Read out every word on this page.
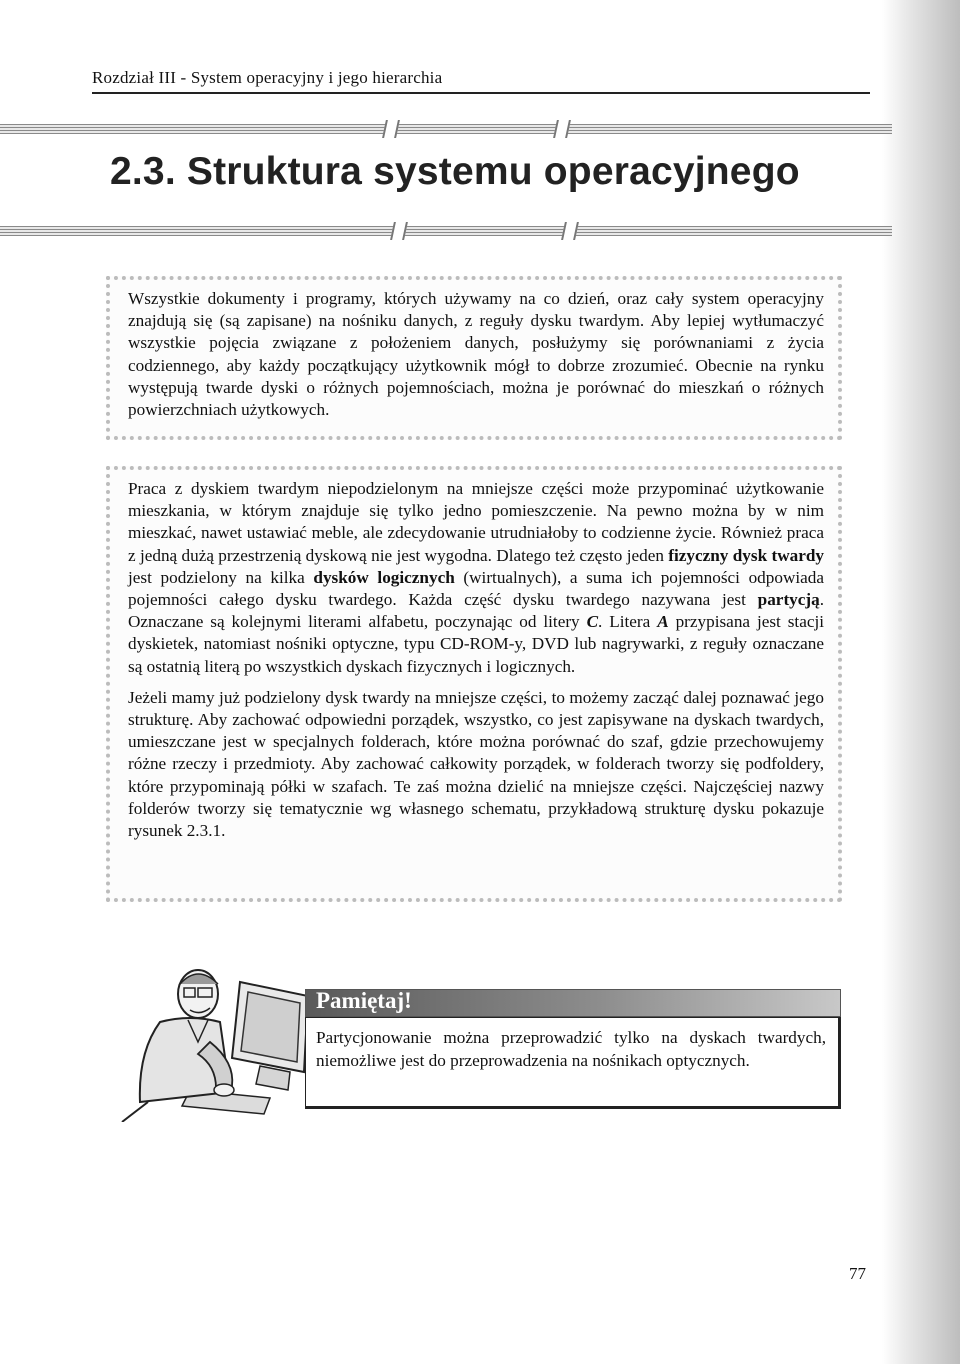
Rozdział III - System operacyjny i jego hierarchia
2.3. Struktura systemu operacyjnego

Wszystkie dokumenty i programy, których używamy na co dzień, oraz cały system operacyjny znajdują się (są zapisane) na nośniku danych, z reguły dysku twardym. Aby lepiej wytłumaczyć wszystkie pojęcia związane z położeniem danych, posłużymy się porównaniami z życia codziennego, aby każdy początkujący użytkownik mógł to dobrze zrozumieć. Obecnie na rynku występują twarde dyski o różnych pojemnościach, można je porównać do mieszkań o różnych powierzchniach użytkowych.

Praca z dyskiem twardym niepodzielonym na mniejsze części może przypominać użytkowanie mieszkania, w którym znajduje się tylko jedno pomieszczenie. Na pewno można by w nim mieszkać, nawet ustawiać meble, ale zdecydowanie utrudniałoby to codzienne życie. Również praca z jedną dużą przestrzenią dyskową nie jest wygodna. Dlatego też często jeden fizyczny dysk twardy jest podzielony na kilka dysków logicznych (wirtualnych), a suma ich pojemności odpowiada pojemności całego dysku twardego. Każda część dysku twardego nazywana jest partycją. Oznaczane są kolejnymi literami alfabetu, poczynając od litery C. Litera A przypisana jest stacji dyskietek, natomiast nośniki optyczne, typu CD-ROM-y, DVD lub nagrywarki, z reguły oznaczane są ostatnią literą po wszystkich dyskach fizycznych i logicznych.

Jeżeli mamy już podzielony dysk twardy na mniejsze części, to możemy zacząć dalej poznawać jego strukturę. Aby zachować odpowiedni porządek, wszystko, co jest zapisywane na dyskach twardych, umieszczane jest w specjalnych folderach, które można porównać do szaf, gdzie przechowujemy różne rzeczy i przedmioty. Aby zachować całkowity porządek, w folderach tworzy się podfoldery, które przypominają półki w szafach. Te zaś można dzielić na mniejsze części. Najczęściej nazwy folderów tworzy się tematycznie wg własnego schematu, przykładową strukturę dysku pokazuje rysunek 2.3.1.

Pamiętaj!
Partycjonowanie można przeprowadzić tylko na dyskach twardych, niemożliwe jest do przeprowadzenia na nośnikach optycznych.
77
